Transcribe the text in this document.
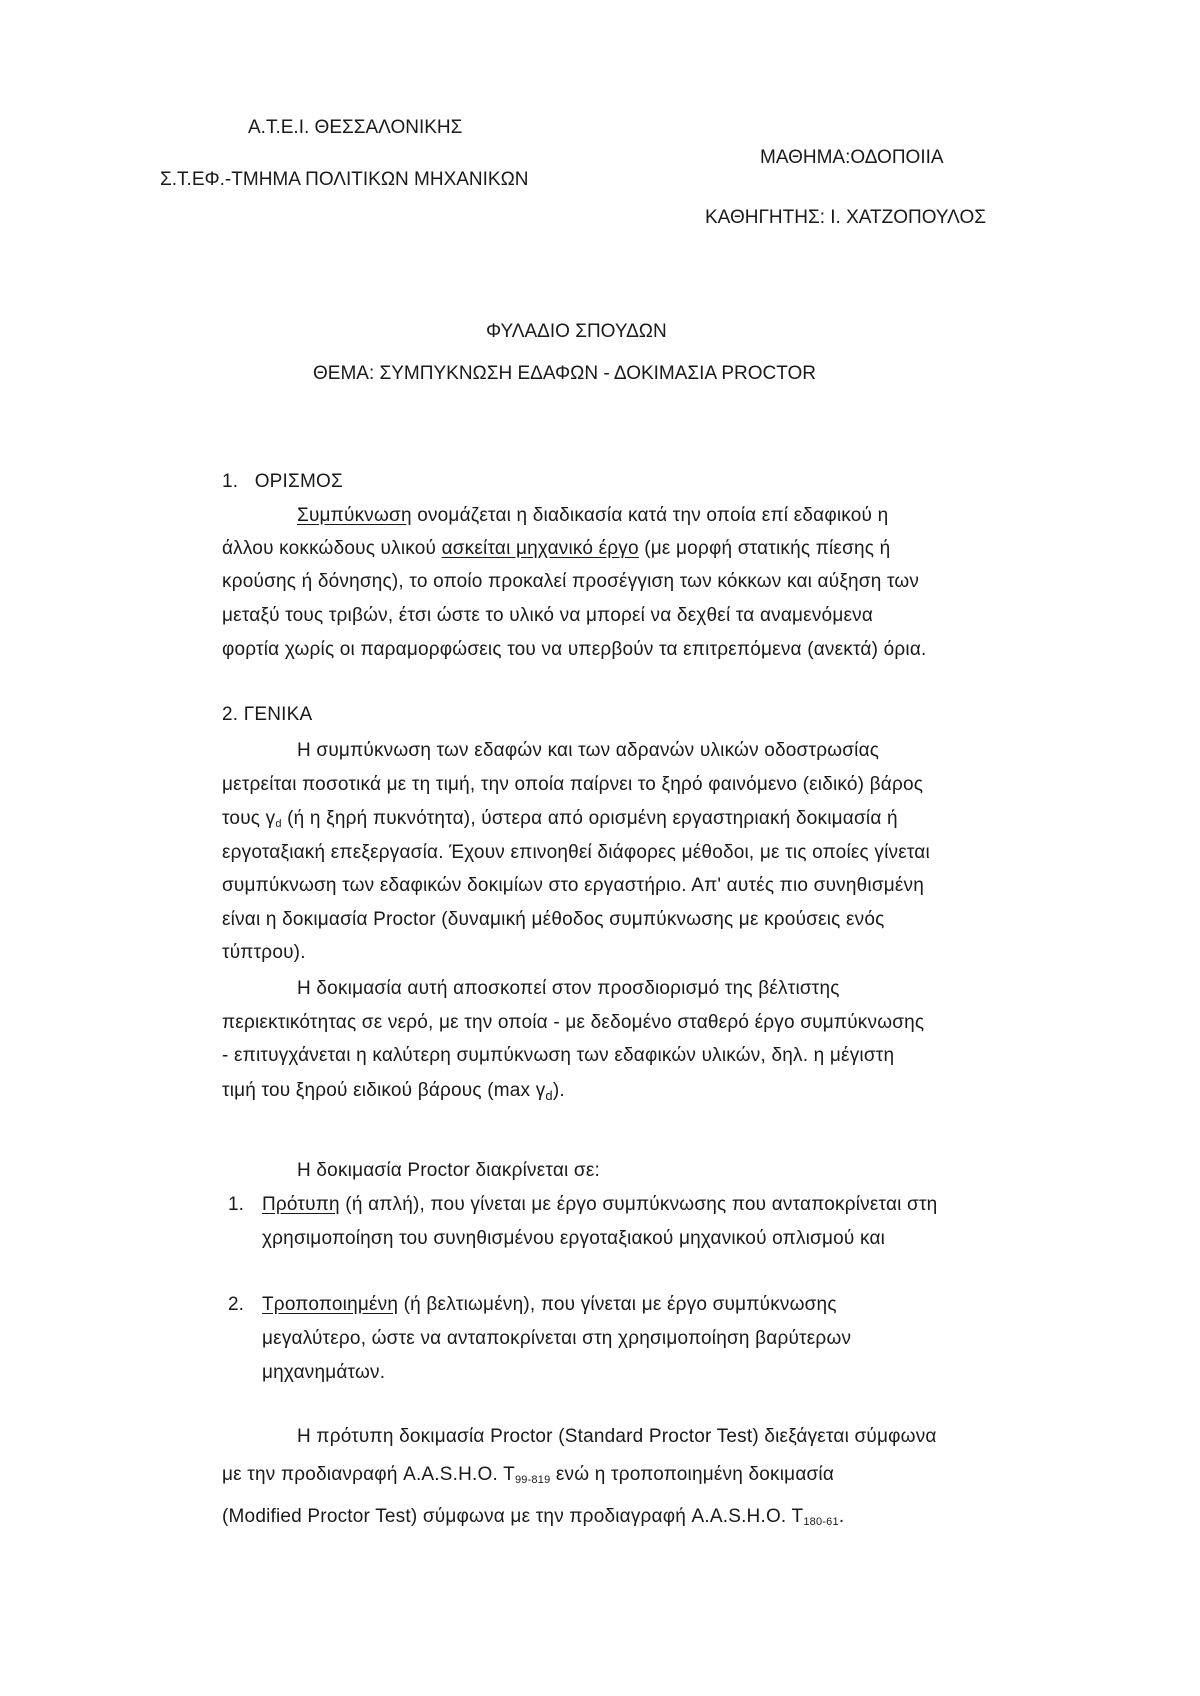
Α.Τ.Ε.Ι. ΘΕΣΣΑΛΟΝΙΚΗΣ
ΜΑΘΗΜΑ:ΟΔΟΠΟΙΙΑ
Σ.Τ.ΕΦ.-ΤΜΗΜΑ ΠΟΛΙΤΙΚΩΝ ΜΗΧΑΝΙΚΩΝ
ΚΑΘΗΓΗΤΗΣ: Ι. ΧΑΤΖΟΠΟΥΛΟΣ
ΦΥΛΑΔΙΟ ΣΠΟΥΔΩΝ
ΘΕΜΑ: ΣΥΜΠΥΚΝΩΣΗ ΕΔΑΦΩΝ - ΔΟΚΙΜΑΣΙΑ PROCTOR
1. ΟΡΙΣΜΟΣ
Συμπύκνωση ονομάζεται η διαδικασία κατά την οποία επί εδαφικού η
άλλου κοκκώδους υλικού ασκείται μηχανικό έργο (με μορφή στατικής πίεσης ή
κρούσης ή δόνησης), το οποίο προκαλεί προσέγγιση των κόκκων και αύξηση των
μεταξύ τους τριβών, έτσι ώστε το υλικό να μπορεί να δεχθεί τα αναμενόμενα
φορτία χωρίς οι παραμορφώσεις του να υπερβούν τα επιτρεπόμενα (ανεκτά) όρια.
2. ΓΕΝΙΚΑ
Η συμπύκνωση των εδαφών και των αδρανών υλικών οδοστρωσίας
μετρείται ποσοτικά με τη τιμή, την οποία παίρνει το ξηρό φαινόμενο (ειδικό) βάρος
τους $\gamma_d$ (ή η ξηρή πυκνότητα), ύστερα από ορισμένη εργαστηριακή δοκιμασία ή
εργοταξιακή επεξεργασία. Έχουν επινοηθεί διάφορες μέθοδοι, με τις οποίες γίνεται
συμπύκνωση των εδαφικών δοκιμίων στο εργαστήριο. Απ' αυτές πιο συνηθισμένη
είναι η δοκιμασία Proctor (δυναμική μέθοδος συμπύκνωσης με κρούσεις ενός
τύπτρου).
Η δοκιμασία αυτή αποσκοπεί στον προσδιορισμό της βέλτιστης
περιεκτικότητας σε νερό, με την οποία - με δεδομένο σταθερό έργο συμπύκνωσης
- επιτυγχάνεται η καλύτερη συμπύκνωση των εδαφικών υλικών, δηλ. η μέγιστη
τιμή του ξηρού ειδικού βάρους (max $\gamma_d$).
Η δοκιμασία Proctor διακρίνεται σε:
1. Πρότυπη (ή απλή), που γίνεται με έργο συμπύκνωσης που ανταποκρίνεται στη
χρησιμοποίηση του συνηθισμένου εργοταξιακού μηχανικού οπλισμού και
2. Τροποποιημένη (ή βελτιωμένη), που γίνεται με έργο συμπύκνωσης
μεγαλύτερο, ώστε να ανταποκρίνεται στη χρησιμοποίηση βαρύτερων
μηχανημάτων.
Η πρότυπη δοκιμασία Proctor (Standard Proctor Test) διεξάγεται σύμφωνα
με την προδιανραφή A.A.S.H.O. $T_{99-819}$ ενώ η τροποποιημένη δοκιμασία
(Modified Proctor Test) σύμφωνα με την προδιαγραφή A.A.S.H.O. $T_{180-61}$.
